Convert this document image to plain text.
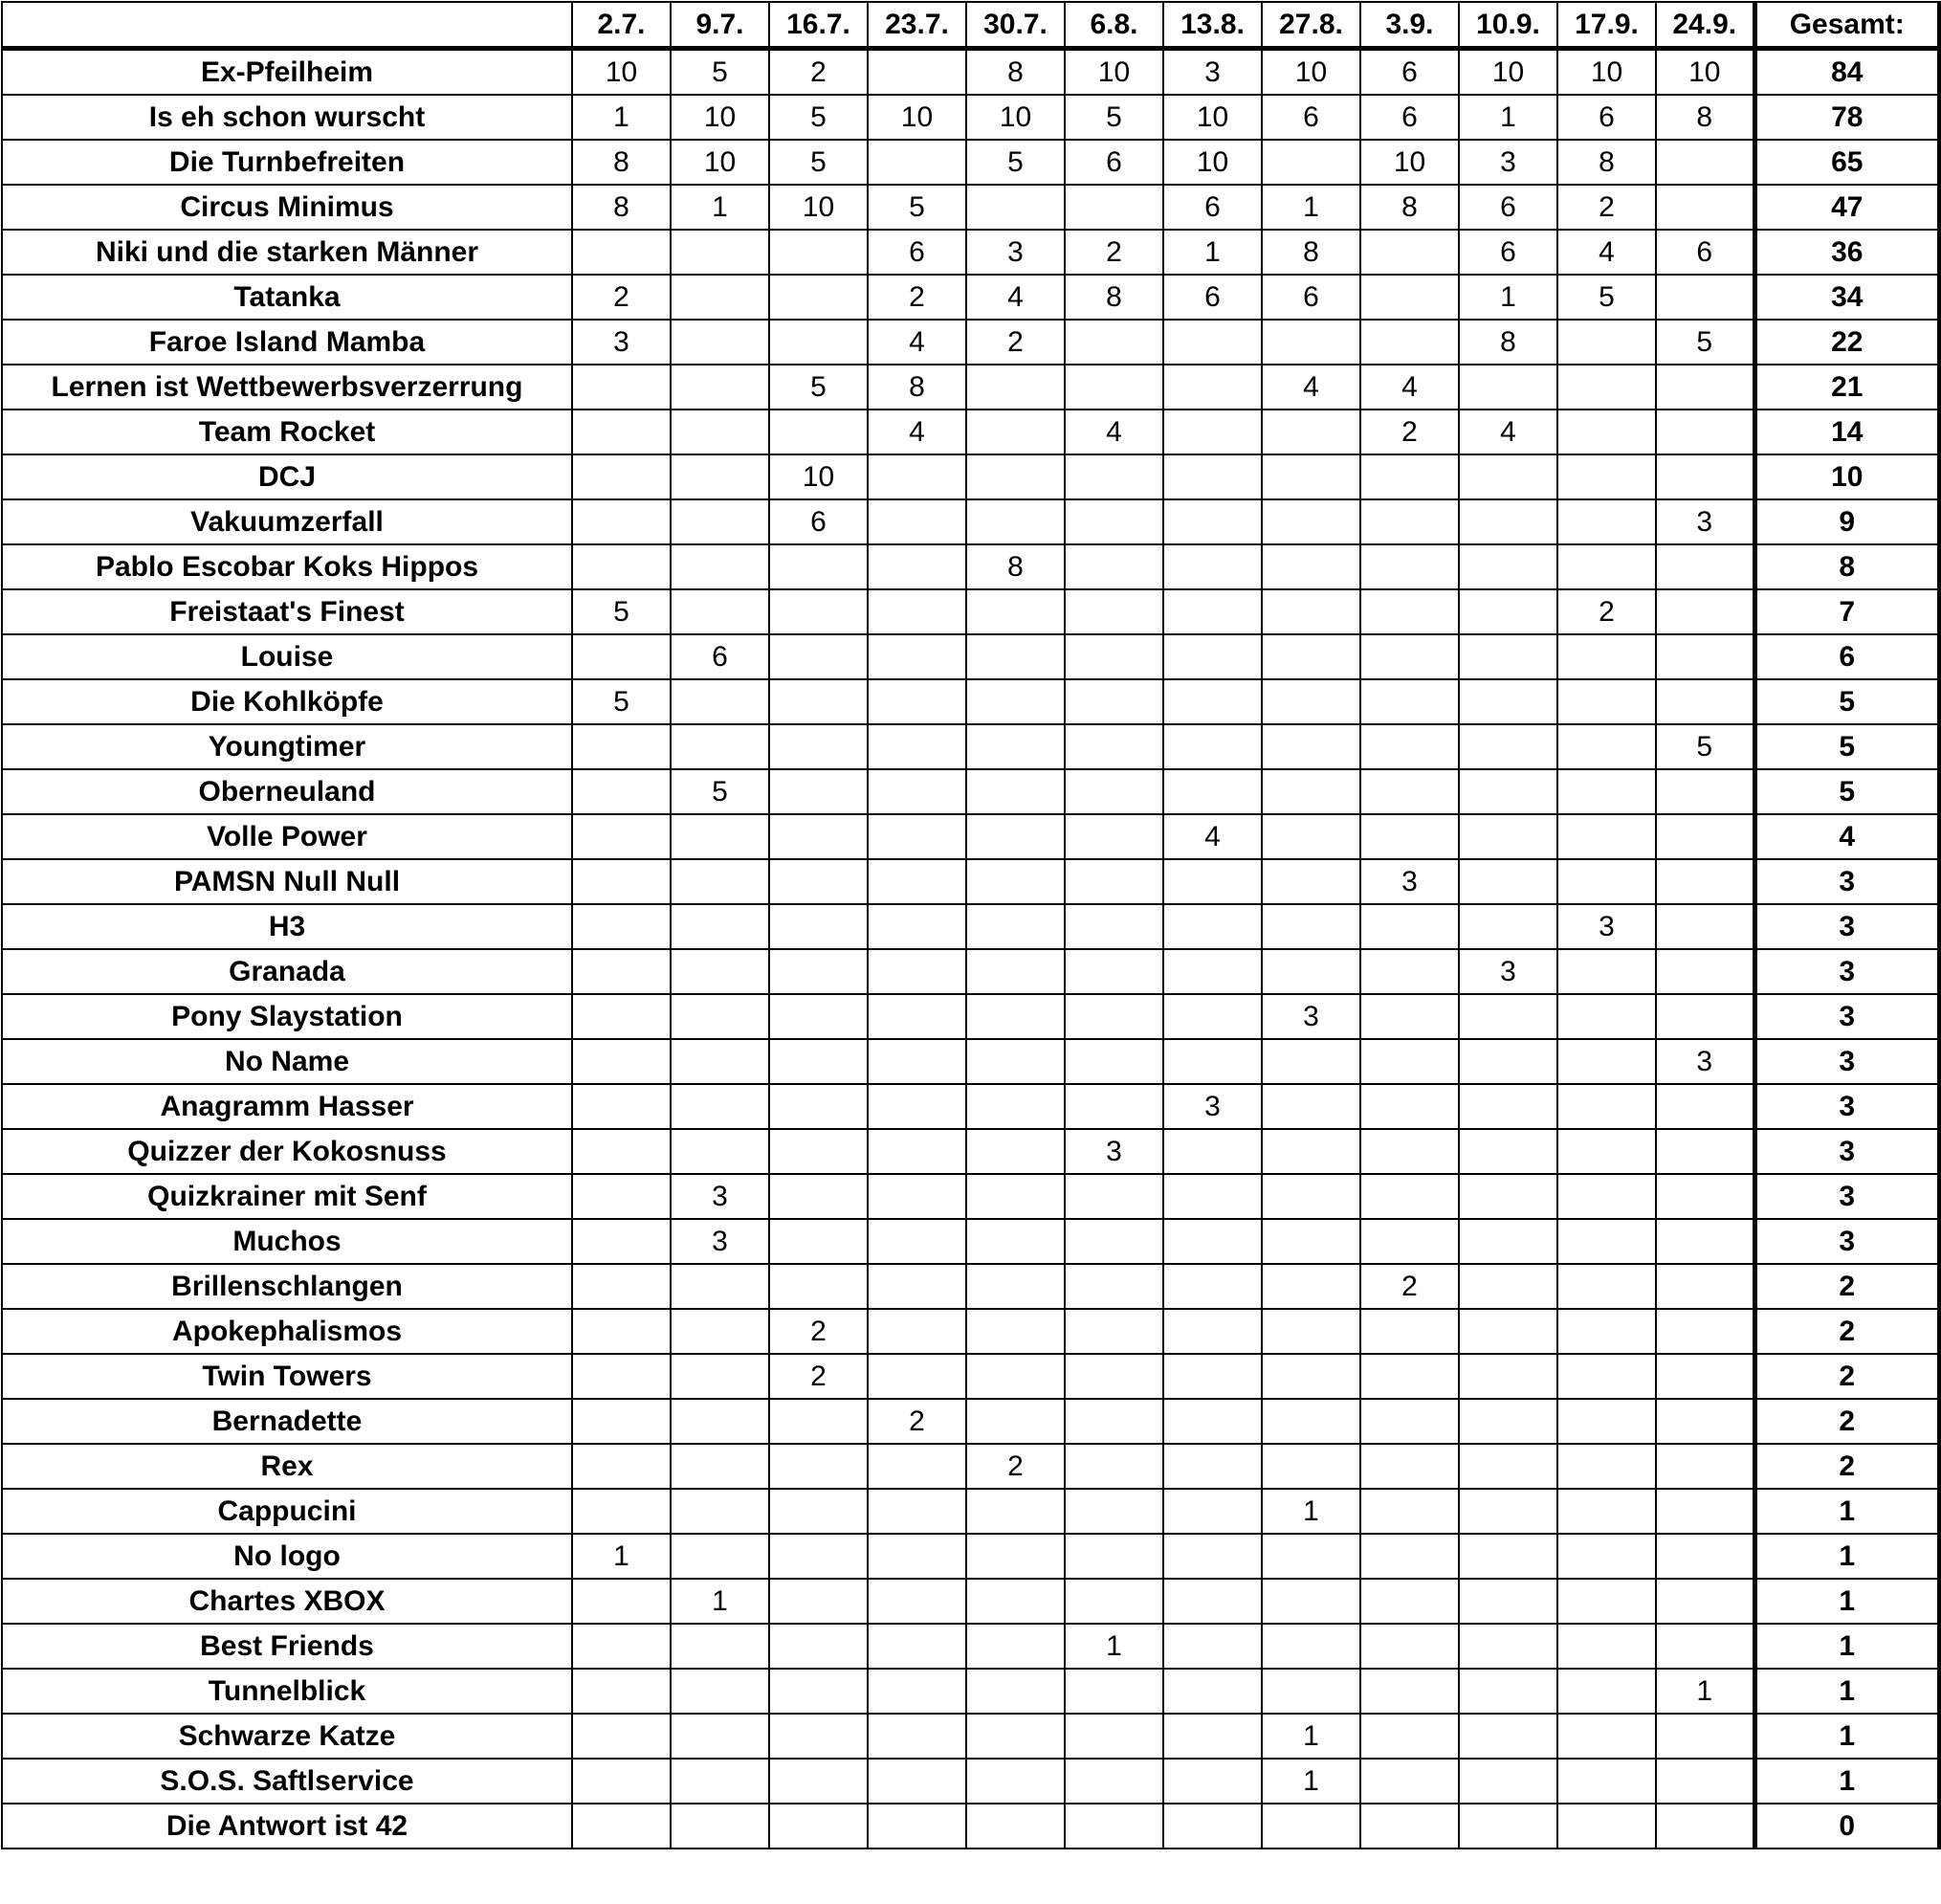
	2.7.	9.7.	16.7.	23.7.	30.7.	6.8.	13.8.	27.8.	3.9.	10.9.	17.9.	24.9.	Gesamt:
Ex-Pfeilheim	10	5	2		8	10	3	10	6	10	10	10	84
Is eh schon wurscht	1	10	5	10	10	5	10	6	6	1	6	8	78
Die Turnbefreiten	8	10	5		5	6	10		10	3	8		65
Circus Minimus	8	1	10	5			6	1	8	6	2		47
Niki und die starken Männer				6	3	2	1	8		6	4	6	36
Tatanka	2			2	4	8	6	6		1	5		34
Faroe Island Mamba	3			4	2					8		5	22
Lernen ist Wettbewerbsverzerrung			5	8				4	4				21
Team Rocket				4		4			2	4			14
DCJ			10										10
Vakuumzerfall			6									3	9
Pablo Escobar Koks Hippos					8								8
Freistaat's Finest	5										2		7
Louise		6											6
Die Kohlköpfe	5												5
Youngtimer												5	5
Oberneuland		5											5
Volle Power							4						4
PAMSN Null Null									3				3
H3											3		3
Granada										3			3
Pony Slaystation								3					3
No Name												3	3
Anagramm Hasser							3						3
Quizzer der Kokosnuss						3							3
Quizkrainer mit Senf		3											3
Muchos		3											3
Brillenschlangen									2				2
Apokephalismos			2										2
Twin Towers			2										2
Bernadette				2									2
Rex					2								2
Cappucini								1					1
No logo	1												1
Chartes XBOX		1											1
Best Friends						1							1
Tunnelblick												1	1
Schwarze Katze								1					1
S.O.S. Saftlservice								1					1
Die Antwort ist 42													0
